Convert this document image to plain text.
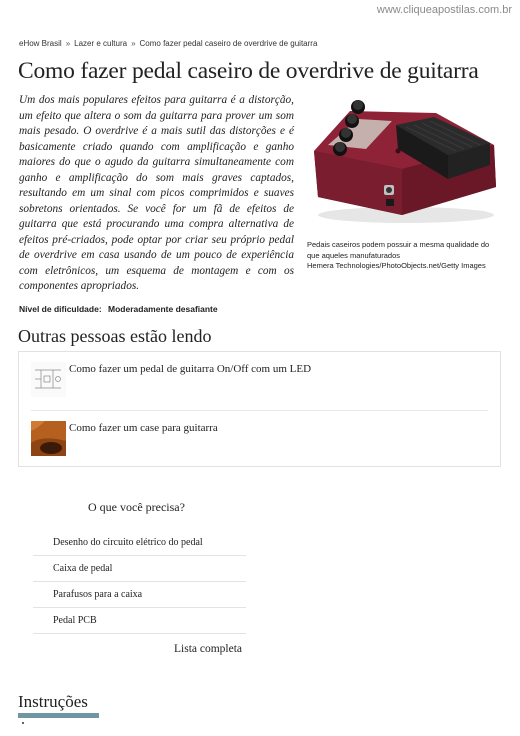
www.cliqueapostilas.com.br
eHow Brasil » Lazer e cultura » Como fazer pedal caseiro de overdrive de guitarra
Como fazer pedal caseiro de overdrive de guitarra

Um dos mais populares efeitos para guitarra é a distorção, um efeito que altera o som da guitarra para prover um som mais pesado. O overdrive é a mais sutil das distorções e é basicamente criado quando com amplificação e ganho maiores do que o agudo da guitarra simultaneamente com ganho e amplificação do som mais graves captados, resultando em um sinal com picos comprimidos e suaves sobretons orientados. Se você for um fã de efeitos de guitarra que está procurando uma compra alternativa de efeitos pré-criados, pode optar por criar seu próprio pedal de overdrive em casa usando de um pouco de experiência com eletrônicos, um esquema de montagem e com os componentes apropriados.

Pedais caseiros podem possuir a mesma qualidade do
que aqueles manufaturados
Hemera Technologies/PhotoObjects.net/Getty Images
Nível de dificuldade: Moderadamente desafiante
Outras pessoas estão lendo
Como fazer um pedal de guitarra On/Off com um LED
Como fazer um case para guitarra
O que você precisa?
Desenho do circuito elétrico do pedal
Caixa de pedal
Parafusos para a caixa
Pedal PCB
Lista completa
Instruções
